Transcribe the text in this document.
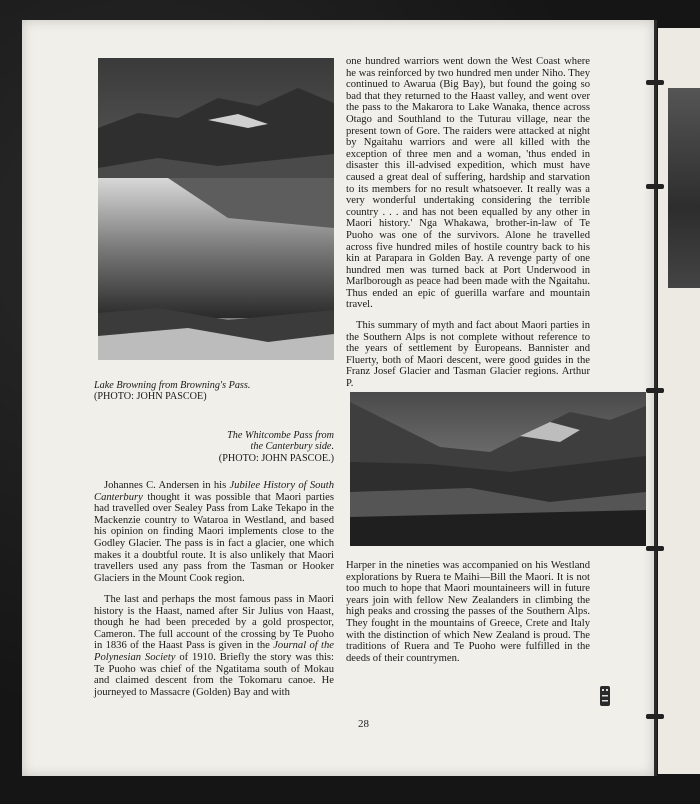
Lake Browning from Browning's Pass.
(PHOTO: JOHN PASCOE)
The Whitcombe Pass from
the Canterbury side.
(PHOTO: JOHN PASCOE.)

Johannes C. Andersen in his Jubilee History of South Canterbury thought it was possible that Maori parties had travelled over Sealey Pass from Lake Tekapo in the Mackenzie country to Wataroa in Westland, and based his opinion on finding Maori implements close to the Godley Glacier. The pass is in fact a glacier, one which makes it a doubtful route. It is also unlikely that Maori travellers used any pass from the Tasman or Hooker Glaciers in the Mount Cook region.

The last and perhaps the most famous pass in Maori history is the Haast, named after Sir Julius von Haast, though he had been preceded by a gold prospector, Cameron. The full account of the crossing by Te Puoho in 1836 of the Haast Pass is given in the Journal of the Polynesian Society of 1910. Briefly the story was this: Te Puoho was chief of the Ngatitama south of Mokau and claimed descent from the Tokomaru canoe. He journeyed to Massacre (Golden) Bay and with

one hundred warriors went down the West Coast where he was reinforced by two hundred men under Niho. They continued to Awarua (Big Bay), but found the going so bad that they returned to the Haast valley, and went over the pass to the Makarora to Lake Wanaka, thence across Otago and Southland to the Tuturau village, near the present town of Gore. The raiders were attacked at night by Ngaitahu warriors and were all killed with the exception of three men and a woman, 'thus ended in disaster this ill-advised expedition, which must have caused a great deal of suffering, hardship and starvation to its members for no result whatsoever. It really was a very wonderful undertaking considering the terrible country . . . and has not been equalled by any other in Maori history.' Nga Whakawa, brother-in-law of Te Puoho was one of the survivors. Alone he travelled across five hundred miles of hostile country back to his kin at Parapara in Golden Bay. A revenge party of one hundred men was turned back at Port Underwood in Marlborough as peace had been made with the Ngaitahu. Thus ended an epic of guerilla warfare and mountain travel.

This summary of myth and fact about Maori parties in the Southern Alps is not complete without reference to the years of settlement by Europeans. Bannister and Fluerty, both of Maori descent, were good guides in the Franz Josef Glacier and Tasman Glacier regions. Arthur P.

Harper in the nineties was accompanied on his Westland explorations by Ruera te Maihi—Bill the Maori. It is not too much to hope that Maori mountaineers will in future years join with fellow New Zealanders in climbing the high peaks and crossing the passes of the Southern Alps. They fought in the mountains of Greece, Crete and Italy with the distinction of which New Zealand is proud. The traditions of Ruera and Te Puoho were fulfilled in the deeds of their countrymen.

28
